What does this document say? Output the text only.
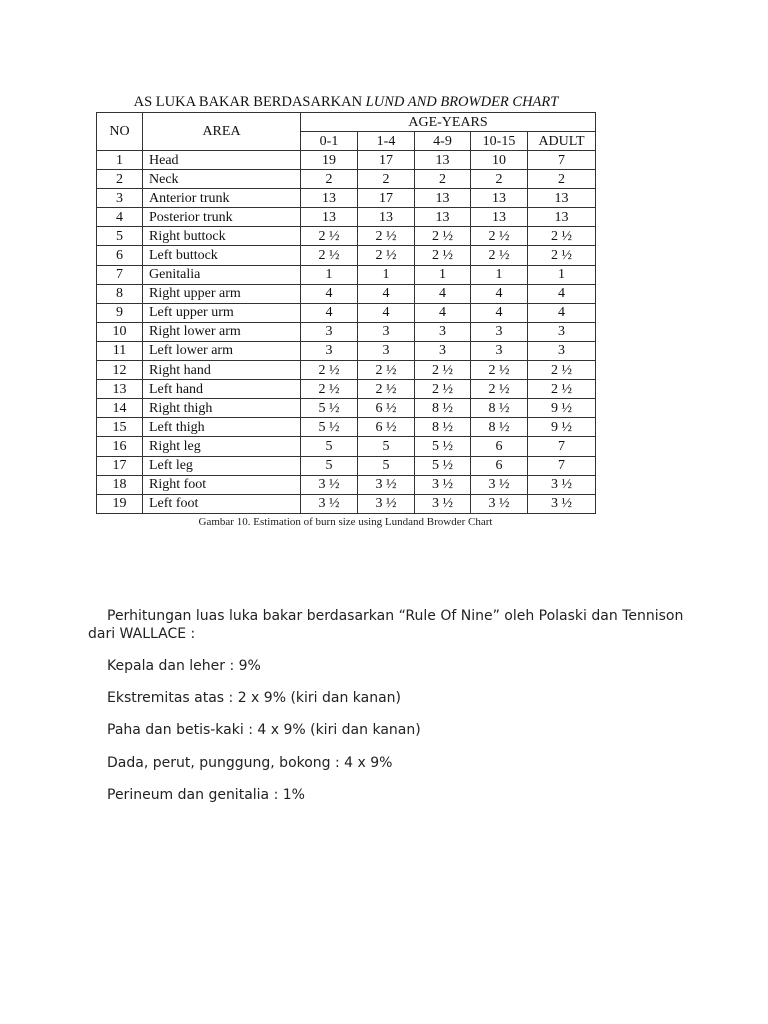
AS LUKA BAKAR BERDASARKAN LUND AND BROWDER CHART
NO	AREA	AGE-YEARS				
		0-1	1-4	4-9	10-15	ADULT
1	Head	19	17	13	10	7
2	Neck	2	2	2	2	2
3	Anterior trunk	13	17	13	13	13
4	Posterior trunk	13	13	13	13	13
5	Right buttock	2 ½	2 ½	2 ½	2 ½	2 ½
6	Left buttock	2 ½	2 ½	2 ½	2 ½	2 ½
7	Genitalia	1	1	1	1	1
8	Right upper arm	4	4	4	4	4
9	Left upper urm	4	4	4	4	4
10	Right lower arm	3	3	3	3	3
11	Left lower arm	3	3	3	3	3
12	Right hand	2 ½	2 ½	2 ½	2 ½	2 ½
13	Left hand	2 ½	2 ½	2 ½	2 ½	2 ½
14	Right thigh	5 ½	6 ½	8 ½	8 ½	9 ½
15	Left thigh	5 ½	6 ½	8 ½	8 ½	9 ½
16	Right leg	5	5	5 ½	6	7
17	Left leg	5	5	5 ½	6	7
18	Right foot	3 ½	3 ½	3 ½	3 ½	3 ½
19	Left foot	3 ½	3 ½	3 ½	3 ½	3 ½
Gambar 10. Estimation of burn size using Lundand Browder Chart
Perhitungan luas luka bakar berdasarkan “Rule Of Nine” oleh Polaski dan Tennison dari WALLACE :
Kepala dan leher : 9%
Ekstremitas atas : 2 x 9% (kiri dan kanan)
Paha dan betis-kaki : 4 x 9% (kiri dan kanan)
Dada, perut, punggung, bokong : 4 x 9%
Perineum dan genitalia : 1%
